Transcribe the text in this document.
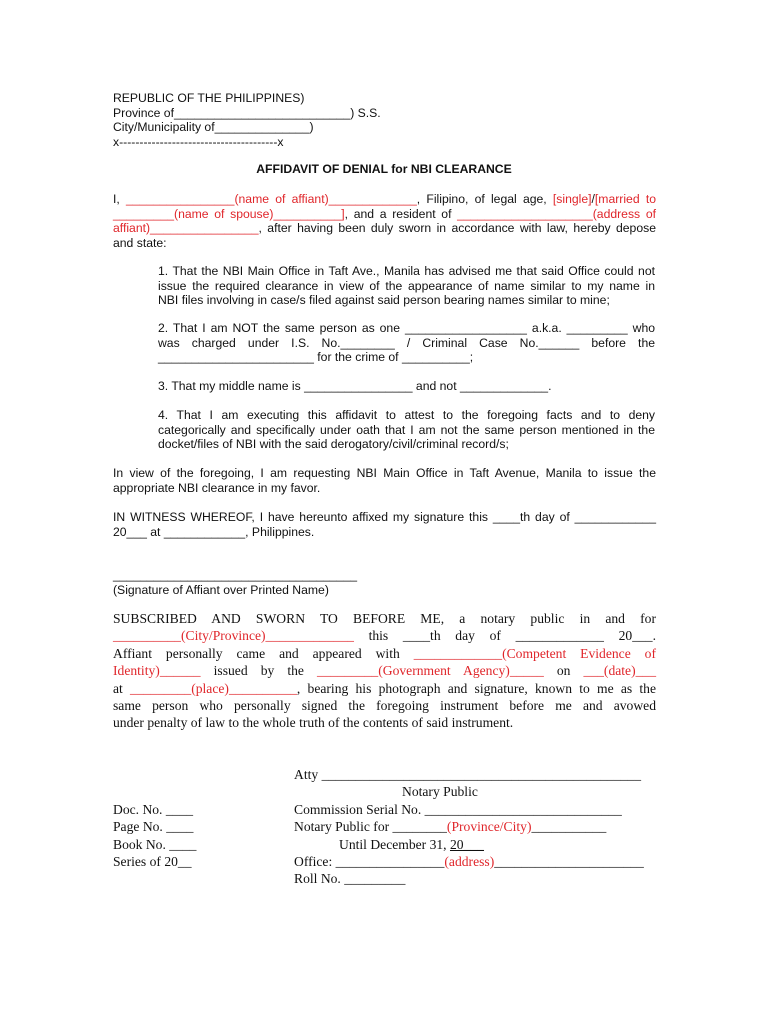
REPUBLIC OF THE PHILIPPINES)
Province of__________________________) S.S.
City/Municipality of______________)
x---------------------------------------x
AFFIDAVIT OF DENIAL for NBI CLEARANCE
I, ________________(name of affiant)_____________, Filipino, of legal age, [single]/[married to
_________(name of spouse)__________], and a resident of ____________________(address of
affiant)________________, after having been duly sworn in accordance with law, hereby depose
and state:
1. That the NBI Main Office in Taft Ave., Manila has advised me that said Office could not
issue the required clearance in view of the appearance of name similar to my name in
NBI files involving in case/s filed against said person bearing names similar to mine;
2. That I am NOT the same person as one __________________ a.k.a. _________ who
was charged under I.S. No.________ / Criminal Case No.______ before the
_______________________ for the crime of __________;
3. That my middle name is ________________ and not _____________.
4. That I am executing this affidavit to attest to the foregoing facts and to deny
categorically and specifically under oath that I am not the same person mentioned in the
docket/files of NBI with the said derogatory/civil/criminal record/s;
In view of the foregoing, I am requesting NBI Main Office in Taft Avenue, Manila to issue the
appropriate NBI clearance in my favor.
IN WITNESS WHEREOF, I have hereunto affixed my signature this ____th day of ____________
20___ at ____________, Philippines.
____________________________________
(Signature of Affiant over Printed Name)
SUBSCRIBED AND SWORN TO BEFORE ME, a notary public in and for
__________(City/Province)_____________ this ____th day of _____________ 20___.
Affiant personally came and appeared with _____________(Competent Evidence of
Identity)______ issued by the _________(Government Agency)_____ on ___(date)___
at _________(place)__________, bearing his photograph and signature, known to me as the
same person who personally signed the foregoing instrument before me and avowed
under penalty of law to the whole truth of the contents of said instrument.
Atty _______________________________________________
Notary Public
Commission Serial No. _____________________________
Notary Public for ________(Province/City)___________
Until December 31, 20___
Office: ________________(address)______________________
Roll No. _________
Doc. No. ____
Page No. ____
Book No. ____
Series of 20__
